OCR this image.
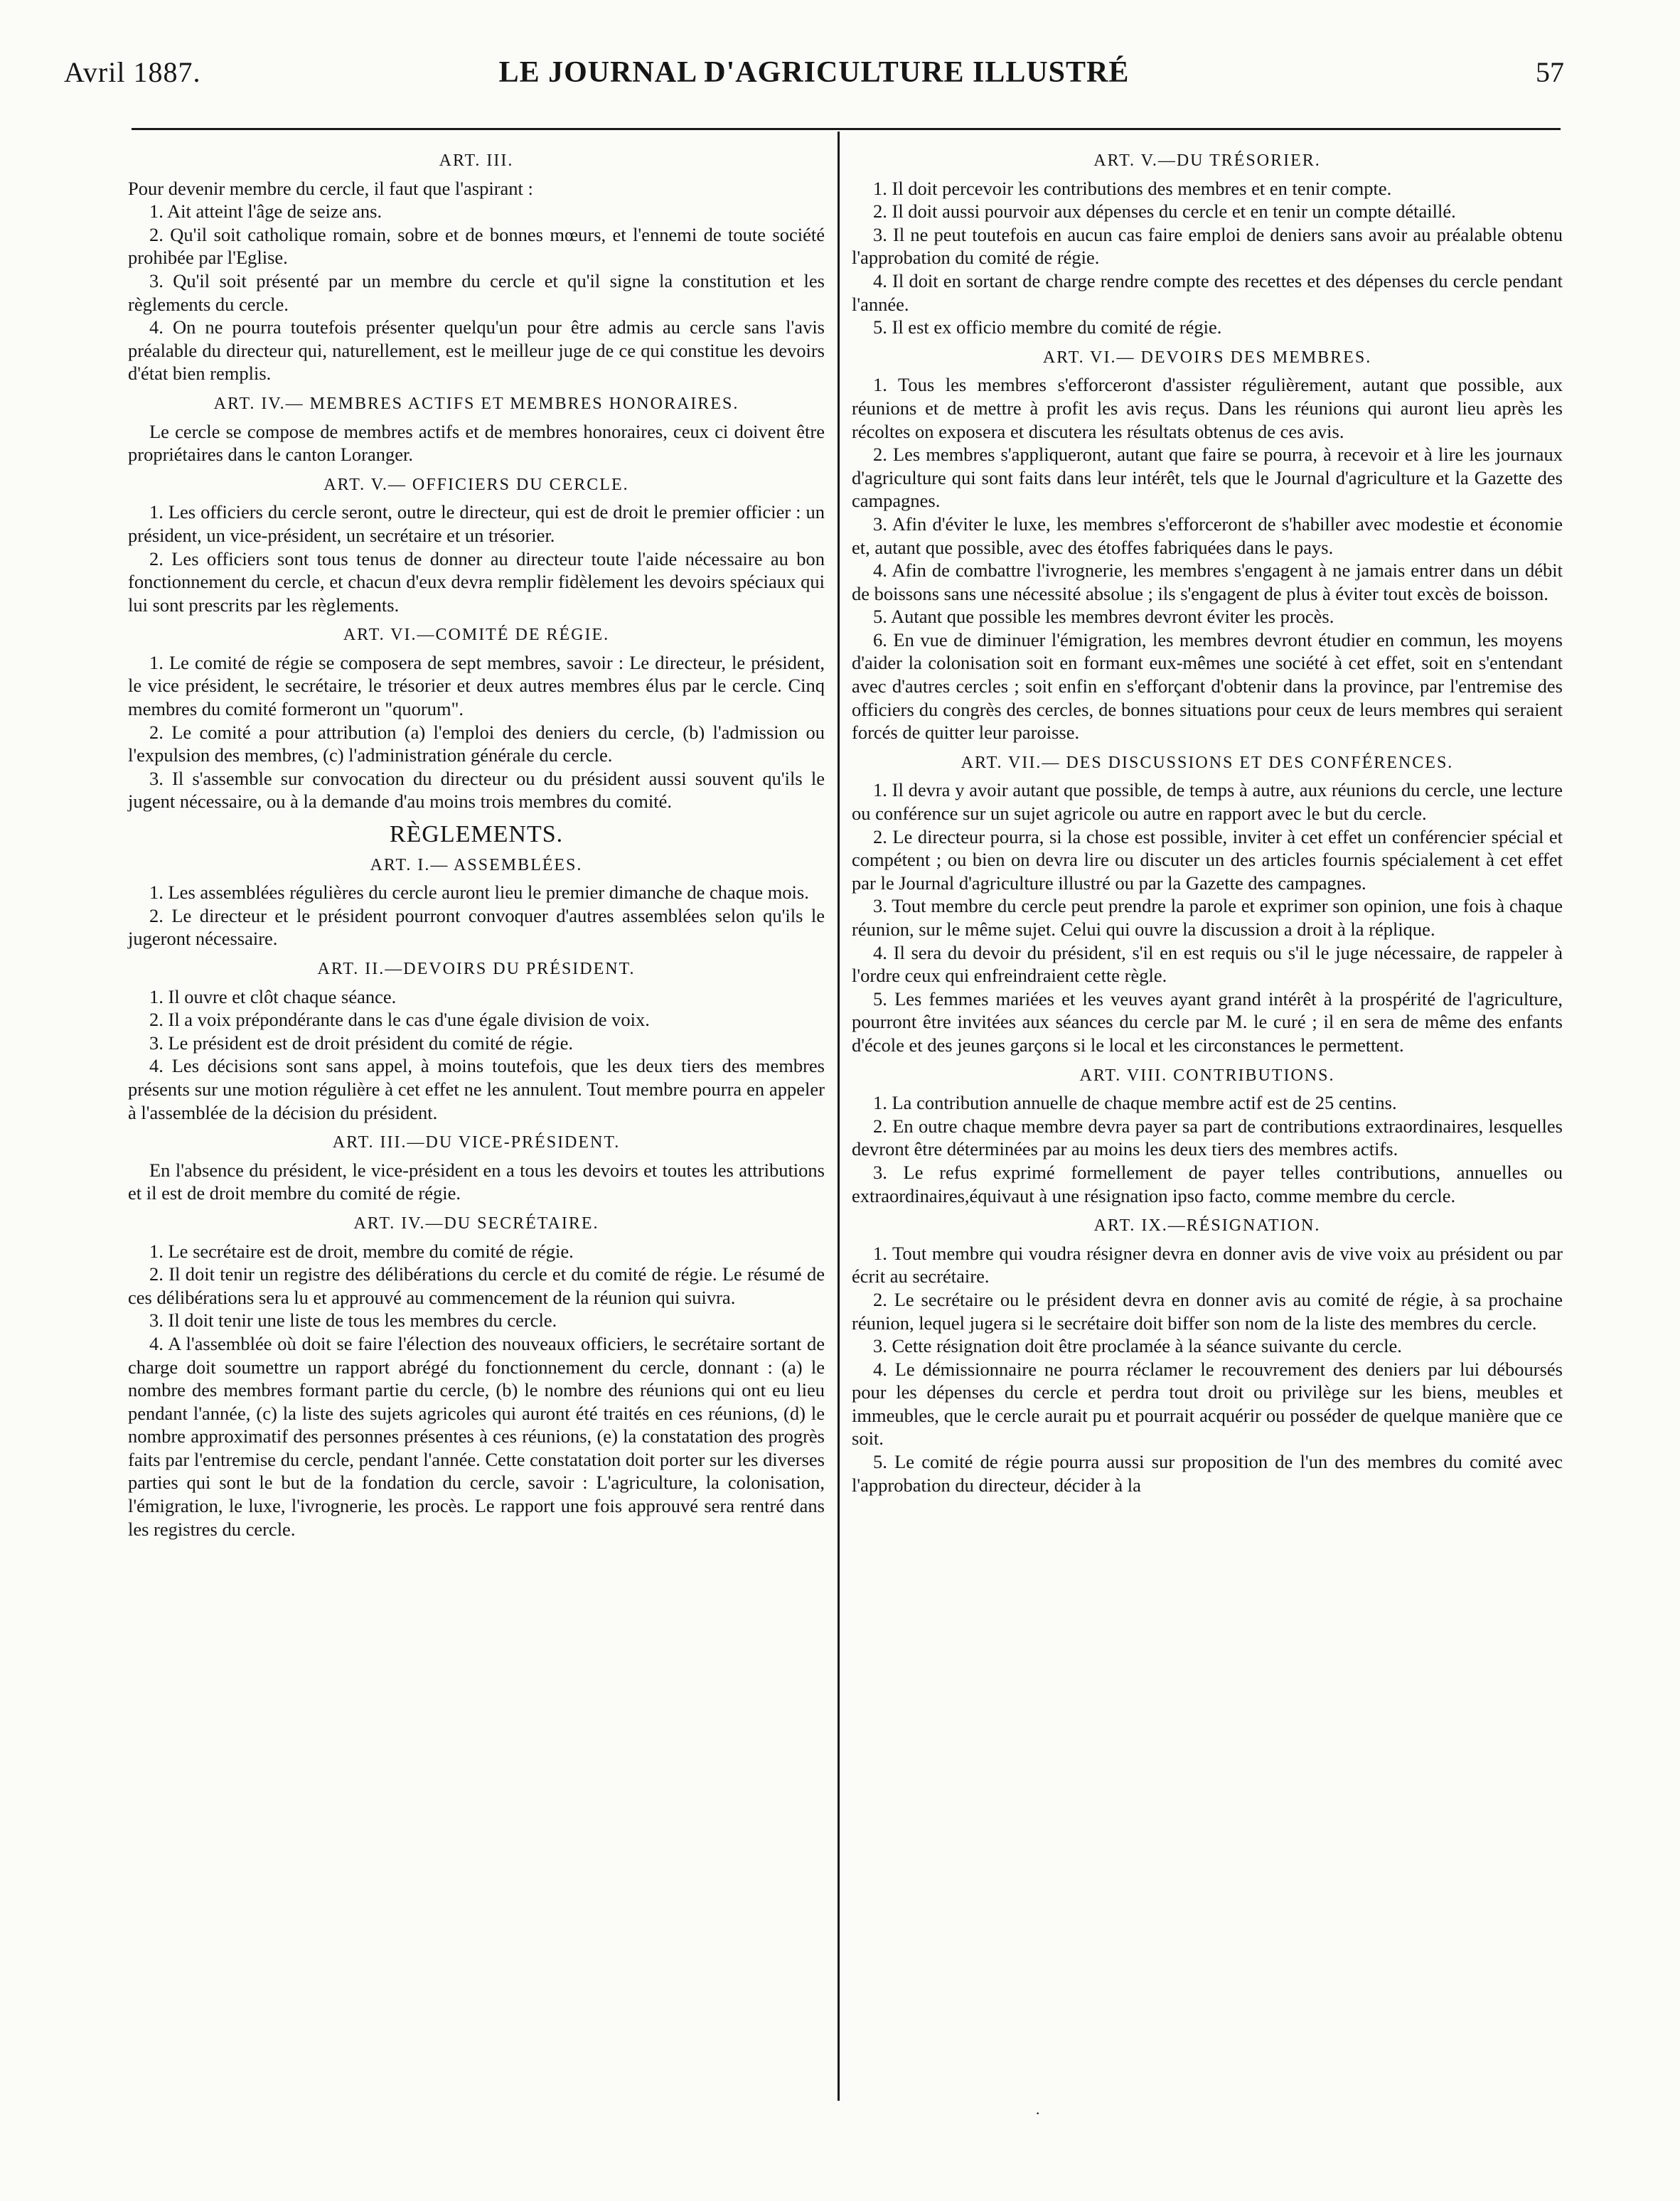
Avril 1887.	LE JOURNAL D'AGRICULTURE ILLUSTRÉ	57
ART. III.

Pour devenir membre du cercle, il faut que l'aspirant :

1. Ait atteint l'âge de seize ans.

2. Qu'il soit catholique romain, sobre et de bonnes mœurs, et l'ennemi de toute société prohibée par l'Eglise.

3. Qu'il soit présenté par un membre du cercle et qu'il signe la constitution et les règlements du cercle.

4. On ne pourra toutefois présenter quelqu'un pour être admis au cercle sans l'avis préalable du directeur qui, naturellement, est le meilleur juge de ce qui constitue les devoirs d'état bien remplis.

ART. IV.— MEMBRES ACTIFS ET MEMBRES HONORAIRES.

Le cercle se compose de membres actifs et de membres honoraires, ceux ci doivent être propriétaires dans le canton Loranger.

ART. V.— OFFICIERS DU CERCLE.

1. Les officiers du cercle seront, outre le directeur, qui est de droit le premier officier : un président, un vice-président, un secrétaire et un trésorier.

2. Les officiers sont tous tenus de donner au directeur toute l'aide nécessaire au bon fonctionnement du cercle, et chacun d'eux devra remplir fidèlement les devoirs spéciaux qui lui sont prescrits par les règlements.

ART. VI.—COMITÉ DE RÉGIE.

1. Le comité de régie se composera de sept membres, savoir : Le directeur, le président, le vice président, le secrétaire, le trésorier et deux autres membres élus par le cercle. Cinq membres du comité formeront un "quorum".

2. Le comité a pour attribution (a) l'emploi des deniers du cercle, (b) l'admission ou l'expulsion des membres, (c) l'administration générale du cercle.

3. Il s'assemble sur convocation du directeur ou du président aussi souvent qu'ils le jugent nécessaire, ou à la demande d'au moins trois membres du comité.

RÈGLEMENTS.
ART. I.— ASSEMBLÉES.

1. Les assemblées régulières du cercle auront lieu le premier dimanche de chaque mois.

2. Le directeur et le président pourront convoquer d'autres assemblées selon qu'ils le jugeront nécessaire.

ART. II.—DEVOIRS DU PRÉSIDENT.

1. Il ouvre et clôt chaque séance.

2. Il a voix prépondérante dans le cas d'une égale division de voix.

3. Le président est de droit président du comité de régie.

4. Les décisions sont sans appel, à moins toutefois, que les deux tiers des membres présents sur une motion régulière à cet effet ne les annulent. Tout membre pourra en appeler à l'assemblée de la décision du président.

ART. III.—DU VICE-PRÉSIDENT.

En l'absence du président, le vice-président en a tous les devoirs et toutes les attributions et il est de droit membre du comité de régie.

ART. IV.—DU SECRÉTAIRE.

1. Le secrétaire est de droit, membre du comité de régie.

2. Il doit tenir un registre des délibérations du cercle et du comité de régie. Le résumé de ces délibérations sera lu et approuvé au commencement de la réunion qui suivra.

3. Il doit tenir une liste de tous les membres du cercle.

4. A l'assemblée où doit se faire l'élection des nouveaux officiers, le secrétaire sortant de charge doit soumettre un rapport abrégé du fonctionnement du cercle, donnant : (a) le nombre des membres formant partie du cercle, (b) le nombre des réunions qui ont eu lieu pendant l'année, (c) la liste des sujets agricoles qui auront été traités en ces réunions, (d) le nombre approximatif des personnes présentes à ces réunions, (e) la constatation des progrès faits par l'entremise du cercle, pendant l'année. Cette constatation doit porter sur les diverses parties qui sont le but de la fondation du cercle, savoir : L'agriculture, la colonisation, l'émigration, le luxe, l'ivrognerie, les procès. Le rapport une fois approuvé sera rentré dans les registres du cercle.

ART. V.—DU TRÉSORIER.

1. Il doit percevoir les contributions des membres et en tenir compte.

2. Il doit aussi pourvoir aux dépenses du cercle et en tenir un compte détaillé.

3. Il ne peut toutefois en aucun cas faire emploi de deniers sans avoir au préalable obtenu l'approbation du comité de régie.

4. Il doit en sortant de charge rendre compte des recettes et des dépenses du cercle pendant l'année.

5. Il est ex officio membre du comité de régie.

ART. VI.— DEVOIRS DES MEMBRES.

1. Tous les membres s'efforceront d'assister régulièrement, autant que possible, aux réunions et de mettre à profit les avis reçus. Dans les réunions qui auront lieu après les récoltes on exposera et discutera les résultats obtenus de ces avis.

2. Les membres s'appliqueront, autant que faire se pourra, à recevoir et à lire les journaux d'agriculture qui sont faits dans leur intérêt, tels que le Journal d'agriculture et la Gazette des campagnes.

3. Afin d'éviter le luxe, les membres s'efforceront de s'habiller avec modestie et économie et, autant que possible, avec des étoffes fabriquées dans le pays.

4. Afin de combattre l'ivrognerie, les membres s'engagent à ne jamais entrer dans un débit de boissons sans une nécessité absolue ; ils s'engagent de plus à éviter tout excès de boisson.

5. Autant que possible les membres devront éviter les procès.

6. En vue de diminuer l'émigration, les membres devront étudier en commun, les moyens d'aider la colonisation soit en formant eux-mêmes une société à cet effet, soit en s'entendant avec d'autres cercles ; soit enfin en s'efforçant d'obtenir dans la province, par l'entremise des officiers du congrès des cercles, de bonnes situations pour ceux de leurs membres qui seraient forcés de quitter leur paroisse.

ART. VII.— DES DISCUSSIONS ET DES CONFÉRENCES.

1. Il devra y avoir autant que possible, de temps à autre, aux réunions du cercle, une lecture ou conférence sur un sujet agricole ou autre en rapport avec le but du cercle.

2. Le directeur pourra, si la chose est possible, inviter à cet effet un conférencier spécial et compétent ; ou bien on devra lire ou discuter un des articles fournis spécialement à cet effet par le Journal d'agriculture illustré ou par la Gazette des campagnes.

3. Tout membre du cercle peut prendre la parole et exprimer son opinion, une fois à chaque réunion, sur le même sujet. Celui qui ouvre la discussion a droit à la réplique.

4. Il sera du devoir du président, s'il en est requis ou s'il le juge nécessaire, de rappeler à l'ordre ceux qui enfreindraient cette règle.

5. Les femmes mariées et les veuves ayant grand intérêt à la prospérité de l'agriculture, pourront être invitées aux séances du cercle par M. le curé ; il en sera de même des enfants d'école et des jeunes garçons si le local et les circonstances le permettent.

ART. VIII. CONTRIBUTIONS.

1. La contribution annuelle de chaque membre actif est de 25 centins.

2. En outre chaque membre devra payer sa part de contributions extraordinaires, lesquelles devront être déterminées par au moins les deux tiers des membres actifs.

3. Le refus exprimé formellement de payer telles contributions, annuelles ou extraordinaires,équivaut à une résignation ipso facto, comme membre du cercle.

ART. IX.—RÉSIGNATION.

1. Tout membre qui voudra résigner devra en donner avis de vive voix au président ou par écrit au secrétaire.

2. Le secrétaire ou le président devra en donner avis au comité de régie, à sa prochaine réunion, lequel jugera si le secrétaire doit biffer son nom de la liste des membres du cercle.

3. Cette résignation doit être proclamée à la séance suivante du cercle.

4. Le démissionnaire ne pourra réclamer le recouvrement des deniers par lui déboursés pour les dépenses du cercle et perdra tout droit ou privilège sur les biens, meubles et immeubles, que le cercle aurait pu et pourrait acquérir ou posséder de quelque manière que ce soit.

5. Le comité de régie pourra aussi sur proposition de l'un des membres du comité avec l'approbation du directeur, décider à la

·
